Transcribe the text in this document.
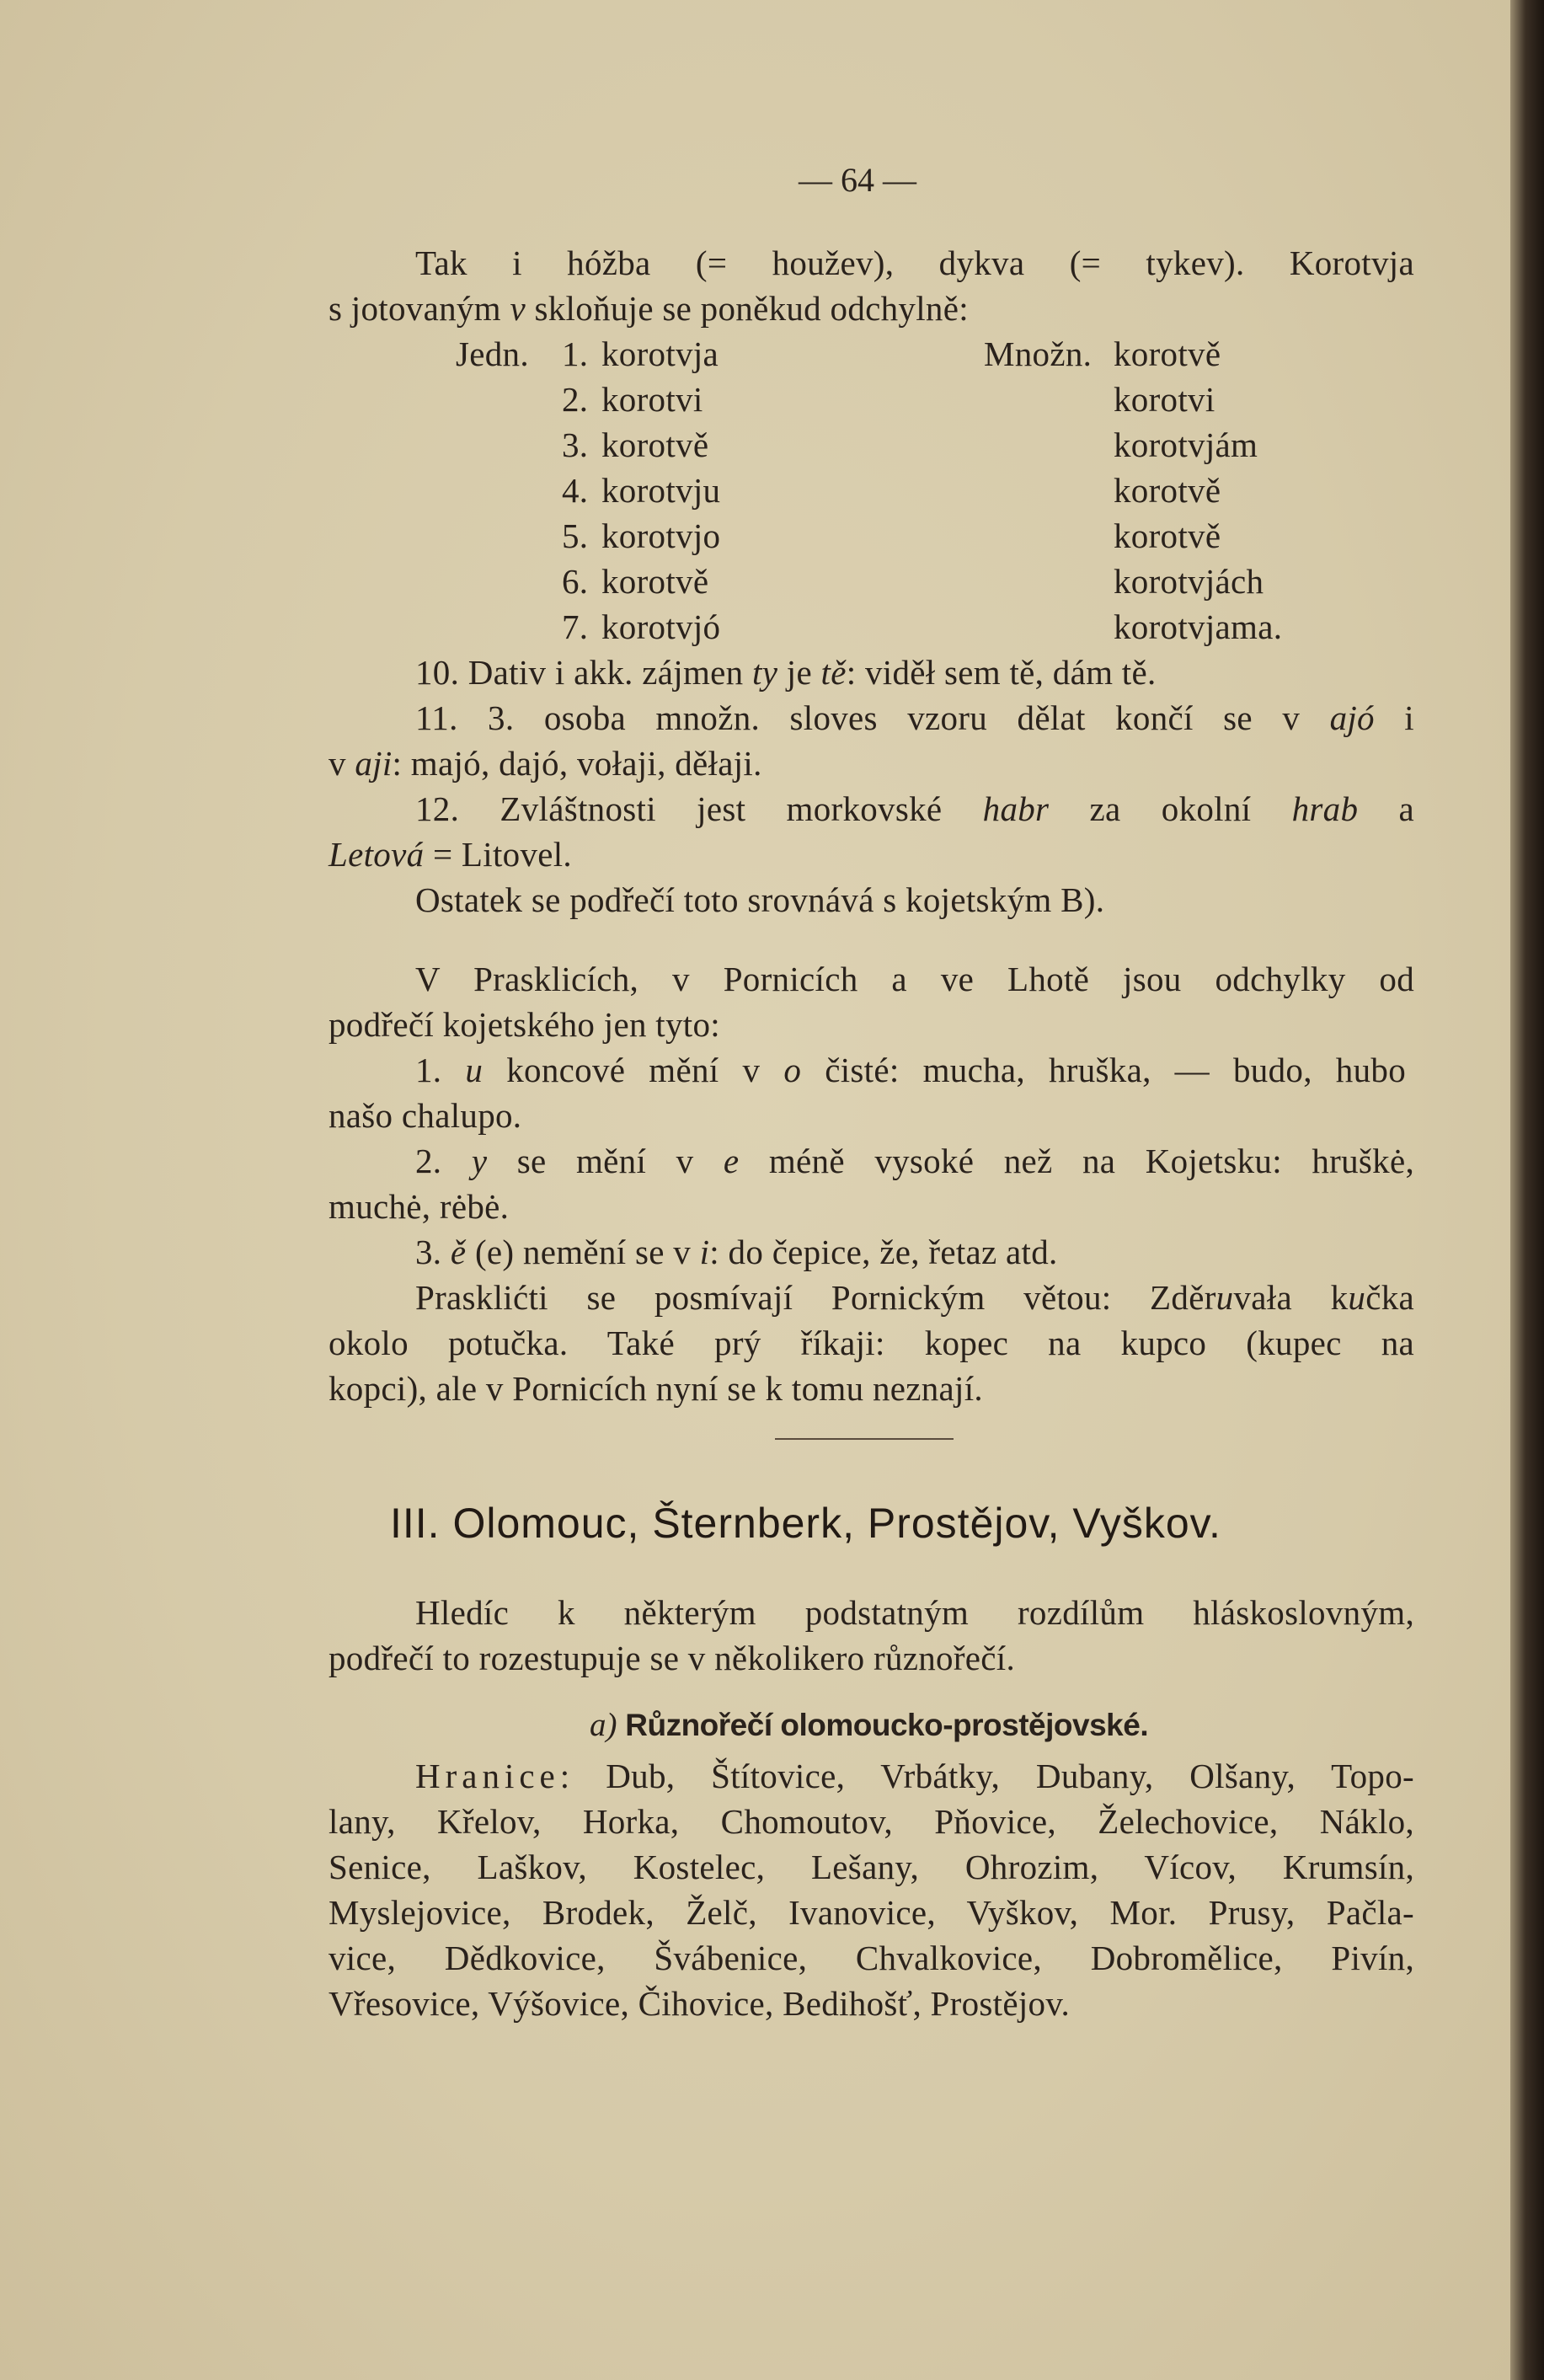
— 64 —
Tak i hóžba (= houžev), dykva (= tykev). Korotvja
s jotovaným v skloňuje se poněkud odchylně:
Jedn.	Množn.
1. korotvja	korotvě
2. korotvi	korotvi
3. korotvě	korotvjám
4. korotvju	korotvě
5. korotvjo	korotvě
6. korotvě	korotvjách
7. korotvjó	korotvjama.
10. Dativ i akk. zájmen ty je tě: viděł sem tě, dám tě.
11. 3. osoba množn. sloves vzoru dělat končí se v ajó i
v aji: majó, dajó, vołaji, děłaji.
12. Zvláštnosti jest morkovské habr za okolní hrab a
Letová = Litovel.
Ostatek se podřečí toto srovnává s kojetským B).
V Prasklicích, v Pornicích a ve Lhotě jsou odchylky od
podřečí kojetského jen tyto:
1. u koncové mění v o čisté: mucha, hruška, — budo, hubo
našo chalupo.
2. y se mění v e méně vysoké než na Kojetsku: hruškė,
muchė, rėbė.
3. ě (e) nemění se v i: do čepice, že, řetaz atd.
Prasklićti se posmívají Pornickým větou: Zděruvała kučka
okolo potučka. Také prý říkaji: kopec na kupco (kupec na
kopci), ale v Pornicích nyní se k tomu neznají.
III. Olomouc, Šternberk, Prostějov, Vyškov.
Hledíc k některým podstatným rozdílům hláskoslovným,
podřečí to rozestupuje se v několikero různořečí.
a) Různořečí olomoucko-prostějovské.
Hranice: Dub, Štítovice, Vrbátky, Dubany, Olšany, Topo-
lany, Křelov, Horka, Chomoutov, Pňovice, Želechovice, Náklo,
Senice, Laškov, Kostelec, Lešany, Ohrozim, Vícov, Krumsín,
Myslejovice, Brodek, Želč, Ivanovice, Vyškov, Mor. Prusy, Pačla-
vice, Dědkovice, Švábenice, Chvalkovice, Dobromělice, Pivín,
Vřesovice, Výšovice, Čihovice, Bedihošť, Prostějov.
